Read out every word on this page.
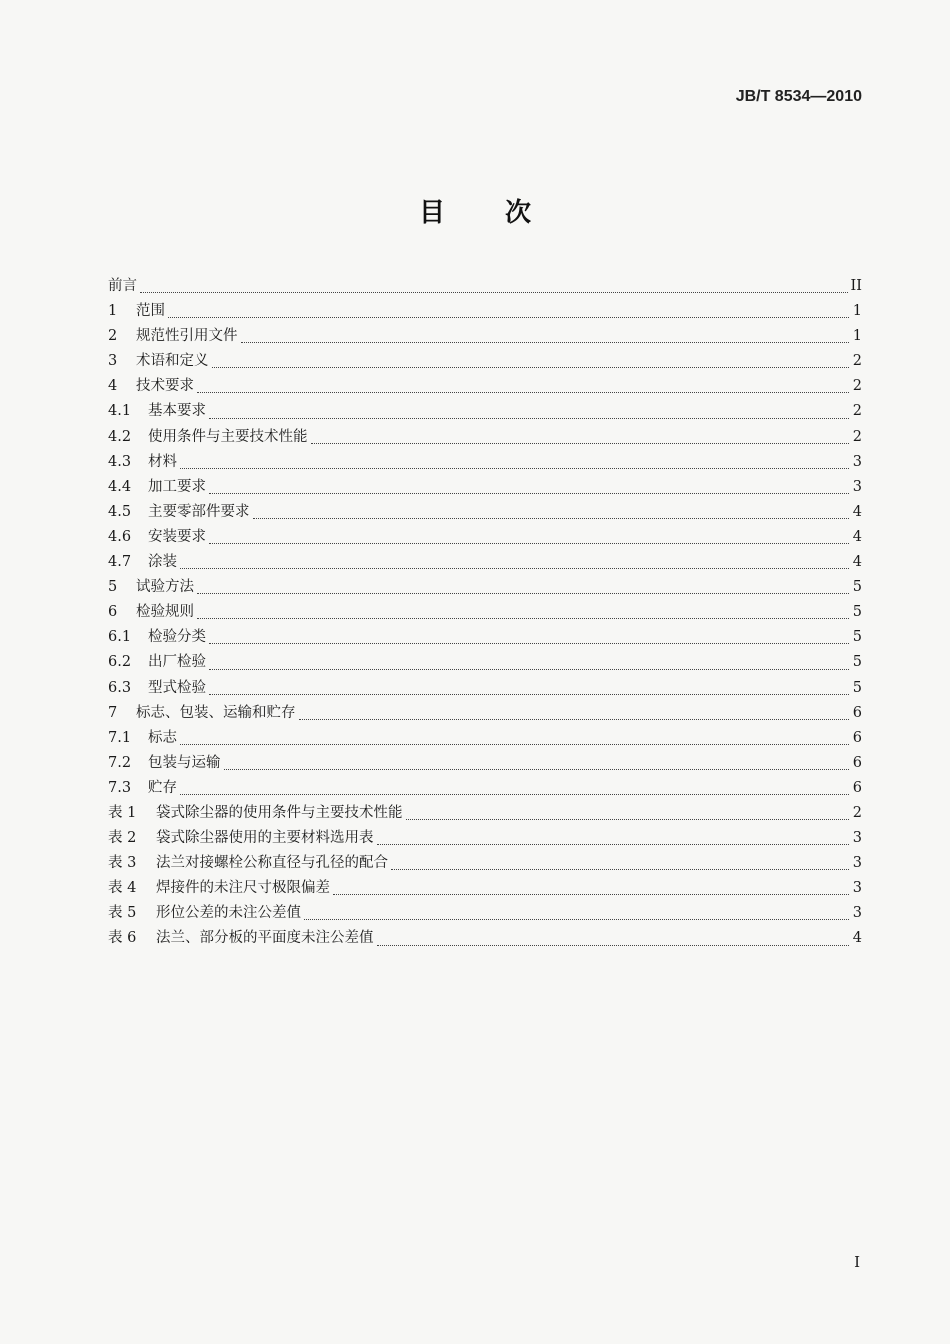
JB/T 8534—2010
目次
前言	II
1	范围	1
2	规范性引用文件	1
3	术语和定义	2
4	技术要求	2
4.1	基本要求	2
4.2	使用条件与主要技术性能	2
4.3	材料	3
4.4	加工要求	3
4.5	主要零部件要求	4
4.6	安装要求	4
4.7	涂装	4
5	试验方法	5
6	检验规则	5
6.1	检验分类	5
6.2	出厂检验	5
6.3	型式检验	5
7	标志、包装、运输和贮存	6
7.1	标志	6
7.2	包装与运输	6
7.3	贮存	6
表 1	袋式除尘器的使用条件与主要技术性能	2
表 2	袋式除尘器使用的主要材料选用表	3
表 3	法兰对接螺栓公称直径与孔径的配合	3
表 4	焊接件的未注尺寸极限偏差	3
表 5	形位公差的未注公差值	3
表 6	法兰、部分板的平面度未注公差值	4
I
